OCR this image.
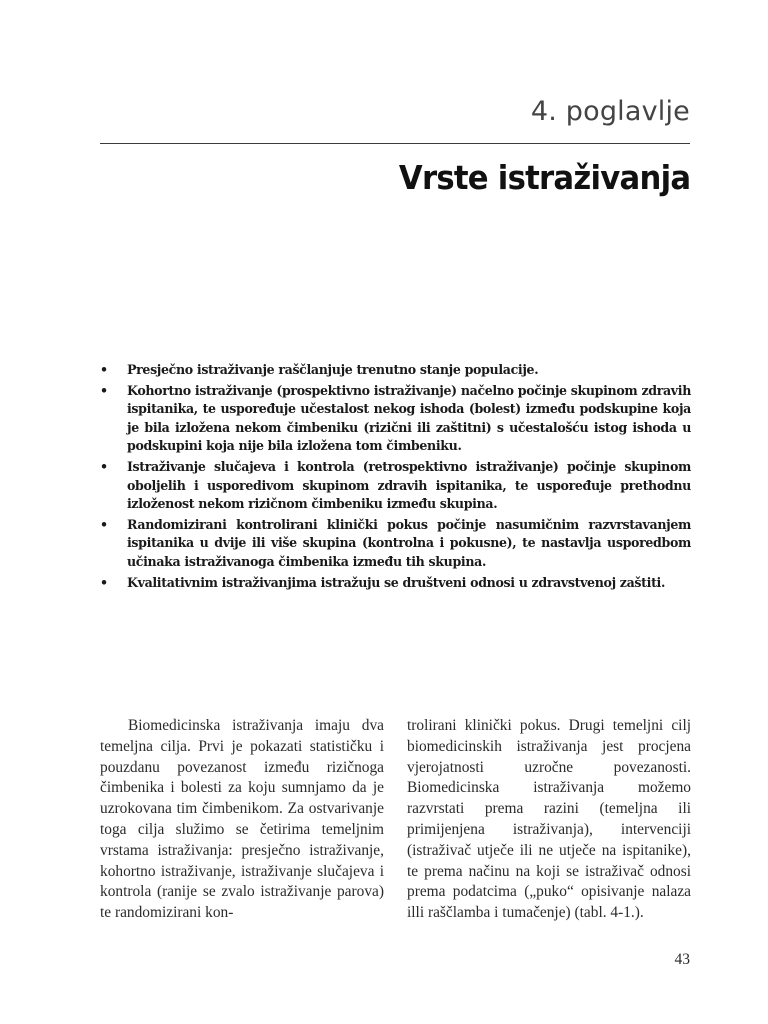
4. poglavlje
Vrste istraživanja
• Presječno istraživanje raščlanjuje trenutno stanje populacije.
• Kohortno istraživanje (prospektivno istraživanje) načelno počinje skupinom zdravih ispitanika, te uspoređuje učestalost nekog ishoda (bolest) između podskupine koja je bila izložena nekom čimbeniku (rizični ili zaštitni) s učestalošću istog ishoda u podskupini koja nije bila izložena tom čimbeniku.
• Istraživanje slučajeva i kontrola (retrospektivno istraživanje) počinje skupinom oboljelih i usporedivom skupinom zdravih ispitanika, te uspoređuje prethodnu izloženost nekom rizičnom čimbeniku između skupina.
• Randomizirani kontrolirani klinički pokus počinje nasumičnim razvrstavanjem ispitanika u dvije ili više skupina (kontrolna i pokusne), te nastavlja usporedbom učinaka istraživanoga čimbenika između tih skupina.
• Kvalitativnim istraživanjima istražuju se društveni odnosi u zdravstvenoj zaštiti.

Biomedicinska istraživanja imaju dva temeljna cilja. Prvi je pokazati statističku i pouzdanu povezanost između rizičnoga čimbenika i bolesti za koju sumnjamo da je uzrokovana tim čimbenikom. Za ostvarivanje toga cilja služimo se četirima temeljnim vrstama istraživanja: presječno istraživanje, kohortno istraživanje, istraživanje slučajeva i kontrola (ranije se zvalo istraživanje parova) te randomizirani kon-

trolirani klinički pokus. Drugi temeljni cilj biomedicinskih istraživanja jest procjena vjerojatnosti uzročne povezanosti. Biomedicinska istraživanja možemo razvrstati prema razini (temeljna ili primijenjena istraživanja), intervenciji (istraživač utječe ili ne utječe na ispitanike), te prema načinu na koji se istraživač odnosi prema podatcima („puko“ opisivanje nalaza illi raščlamba i tumačenje) (tabl. 4-1.).

43
